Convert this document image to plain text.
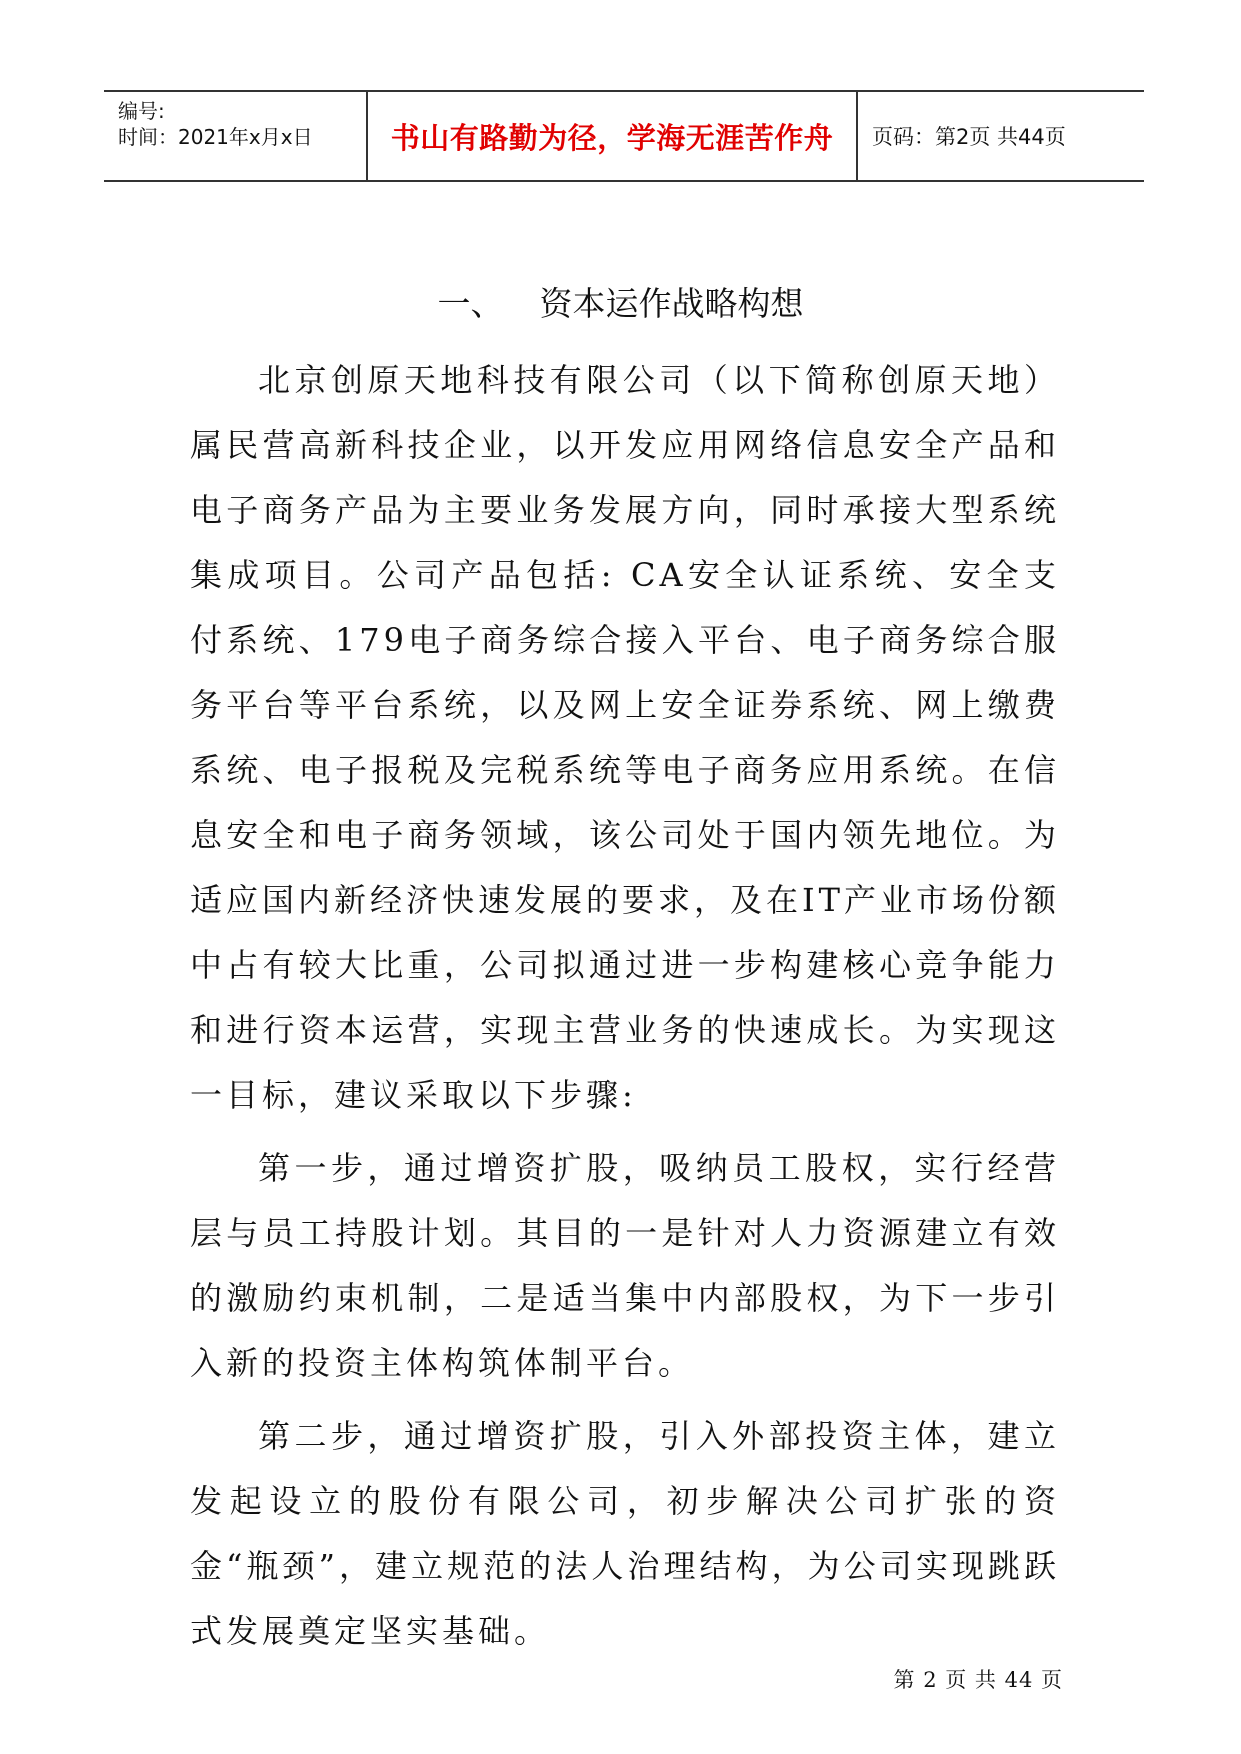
编号:
时间：2021年x月x日	书山有路勤为径，学海无涯苦作舟	页码：第2页 共44页
一、 资本运作战略构想

北京创原天地科技有限公司（以下简称创原天地）属民营高新科技企业，以开发应用网络信息安全产品和电子商务产品为主要业务发展方向，同时承接大型系统集成项目。公司产品包括: CA安全认证系统、安全支付系统、179电子商务综合接入平台、电子商务综合服务平台等平台系统，以及网上安全证券系统、网上缴费系统、电子报税及完税系统等电子商务应用系统。在信息安全和电子商务领域，该公司处于国内领先地位。为适应国内新经济快速发展的要求，及在IT产业市场份额中占有较大比重，公司拟通过进一步构建核心竞争能力和进行资本运营，实现主营业务的快速成长。为实现这一目标，建议采取以下步骤:

第一步，通过增资扩股，吸纳员工股权，实行经营层与员工持股计划。其目的一是针对人力资源建立有效的激励约束机制，二是适当集中内部股权，为下一步引入新的投资主体构筑体制平台。

第二步，通过增资扩股，引入外部投资主体，建立发起设立的股份有限公司，初步解决公司扩张的资金“瓶颈”，建立规范的法人治理结构，为公司实现跳跃式发展奠定坚实基础。

第 2 页 共 44 页
